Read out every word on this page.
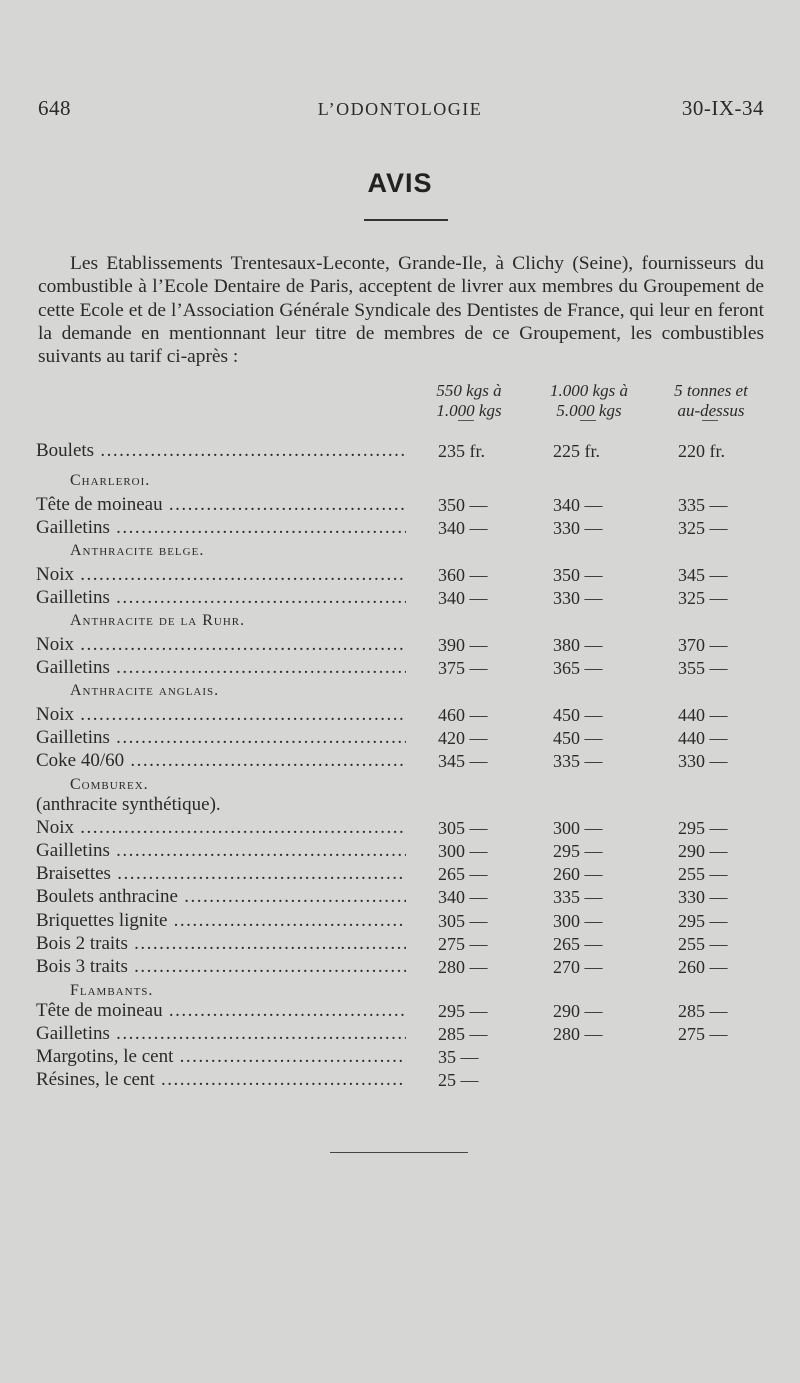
648	L’ODONTOLOGIE	30-IX-34
AVIS

Les Etablissements Trentesaux-Leconte, Grande-Ile, à Clichy (Seine), fournisseurs du combustible à l’Ecole Dentaire de Paris, acceptent de livrer aux membres du Groupement de cette Ecole et de l’Association Générale Syndicale des Dentistes de France, qui leur en feront la demande en mentionnant leur titre de membres de ce Groupement, les combustibles suivants au tarif ci-après :

550 kgs à
1.000 kgs
1.000 kgs à
5.000 kgs
5 tonnes et
au-dessus
Boulets .....	235 fr.	225 fr.	220 fr.
Charleroi.
Tête de moineau .....	350 —	340 —	335 —
Gailletins .....	340 —	330 —	325 —
Anthracite belge.
Noix .....	360 —	350 —	345 —
Gailletins .....	340 —	330 —	325 —
Anthracite de la Ruhr.
Noix .....	390 —	380 —	370 —
Gailletins .....	375 —	365 —	355 —
Anthracite anglais.
Noix .....	460 —	450 —	440 —
Gailletins .....	420 —	450 —	440 —
Coke 40/60 .....	345 —	335 —	330 —
Comburex.
(anthracite synthétique).
Noix .....	305 —	300 —	295 —
Gailletins .....	300 —	295 —	290 —
Braisettes .....	265 —	260 —	255 —
Boulets anthracine .....	340 —	335 —	330 —
Briquettes lignite .....	305 —	300 —	295 —
Bois 2 traits .....	275 —	265 —	255 —
Bois 3 traits .....	280 —	270 —	260 —
Flambants.
Tête de moineau .....	295 —	290 —	285 —
Gailletins .....	285 —	280 —	275 —
Margotins, le cent .....	35 —
Résines, le cent .....	25 —
